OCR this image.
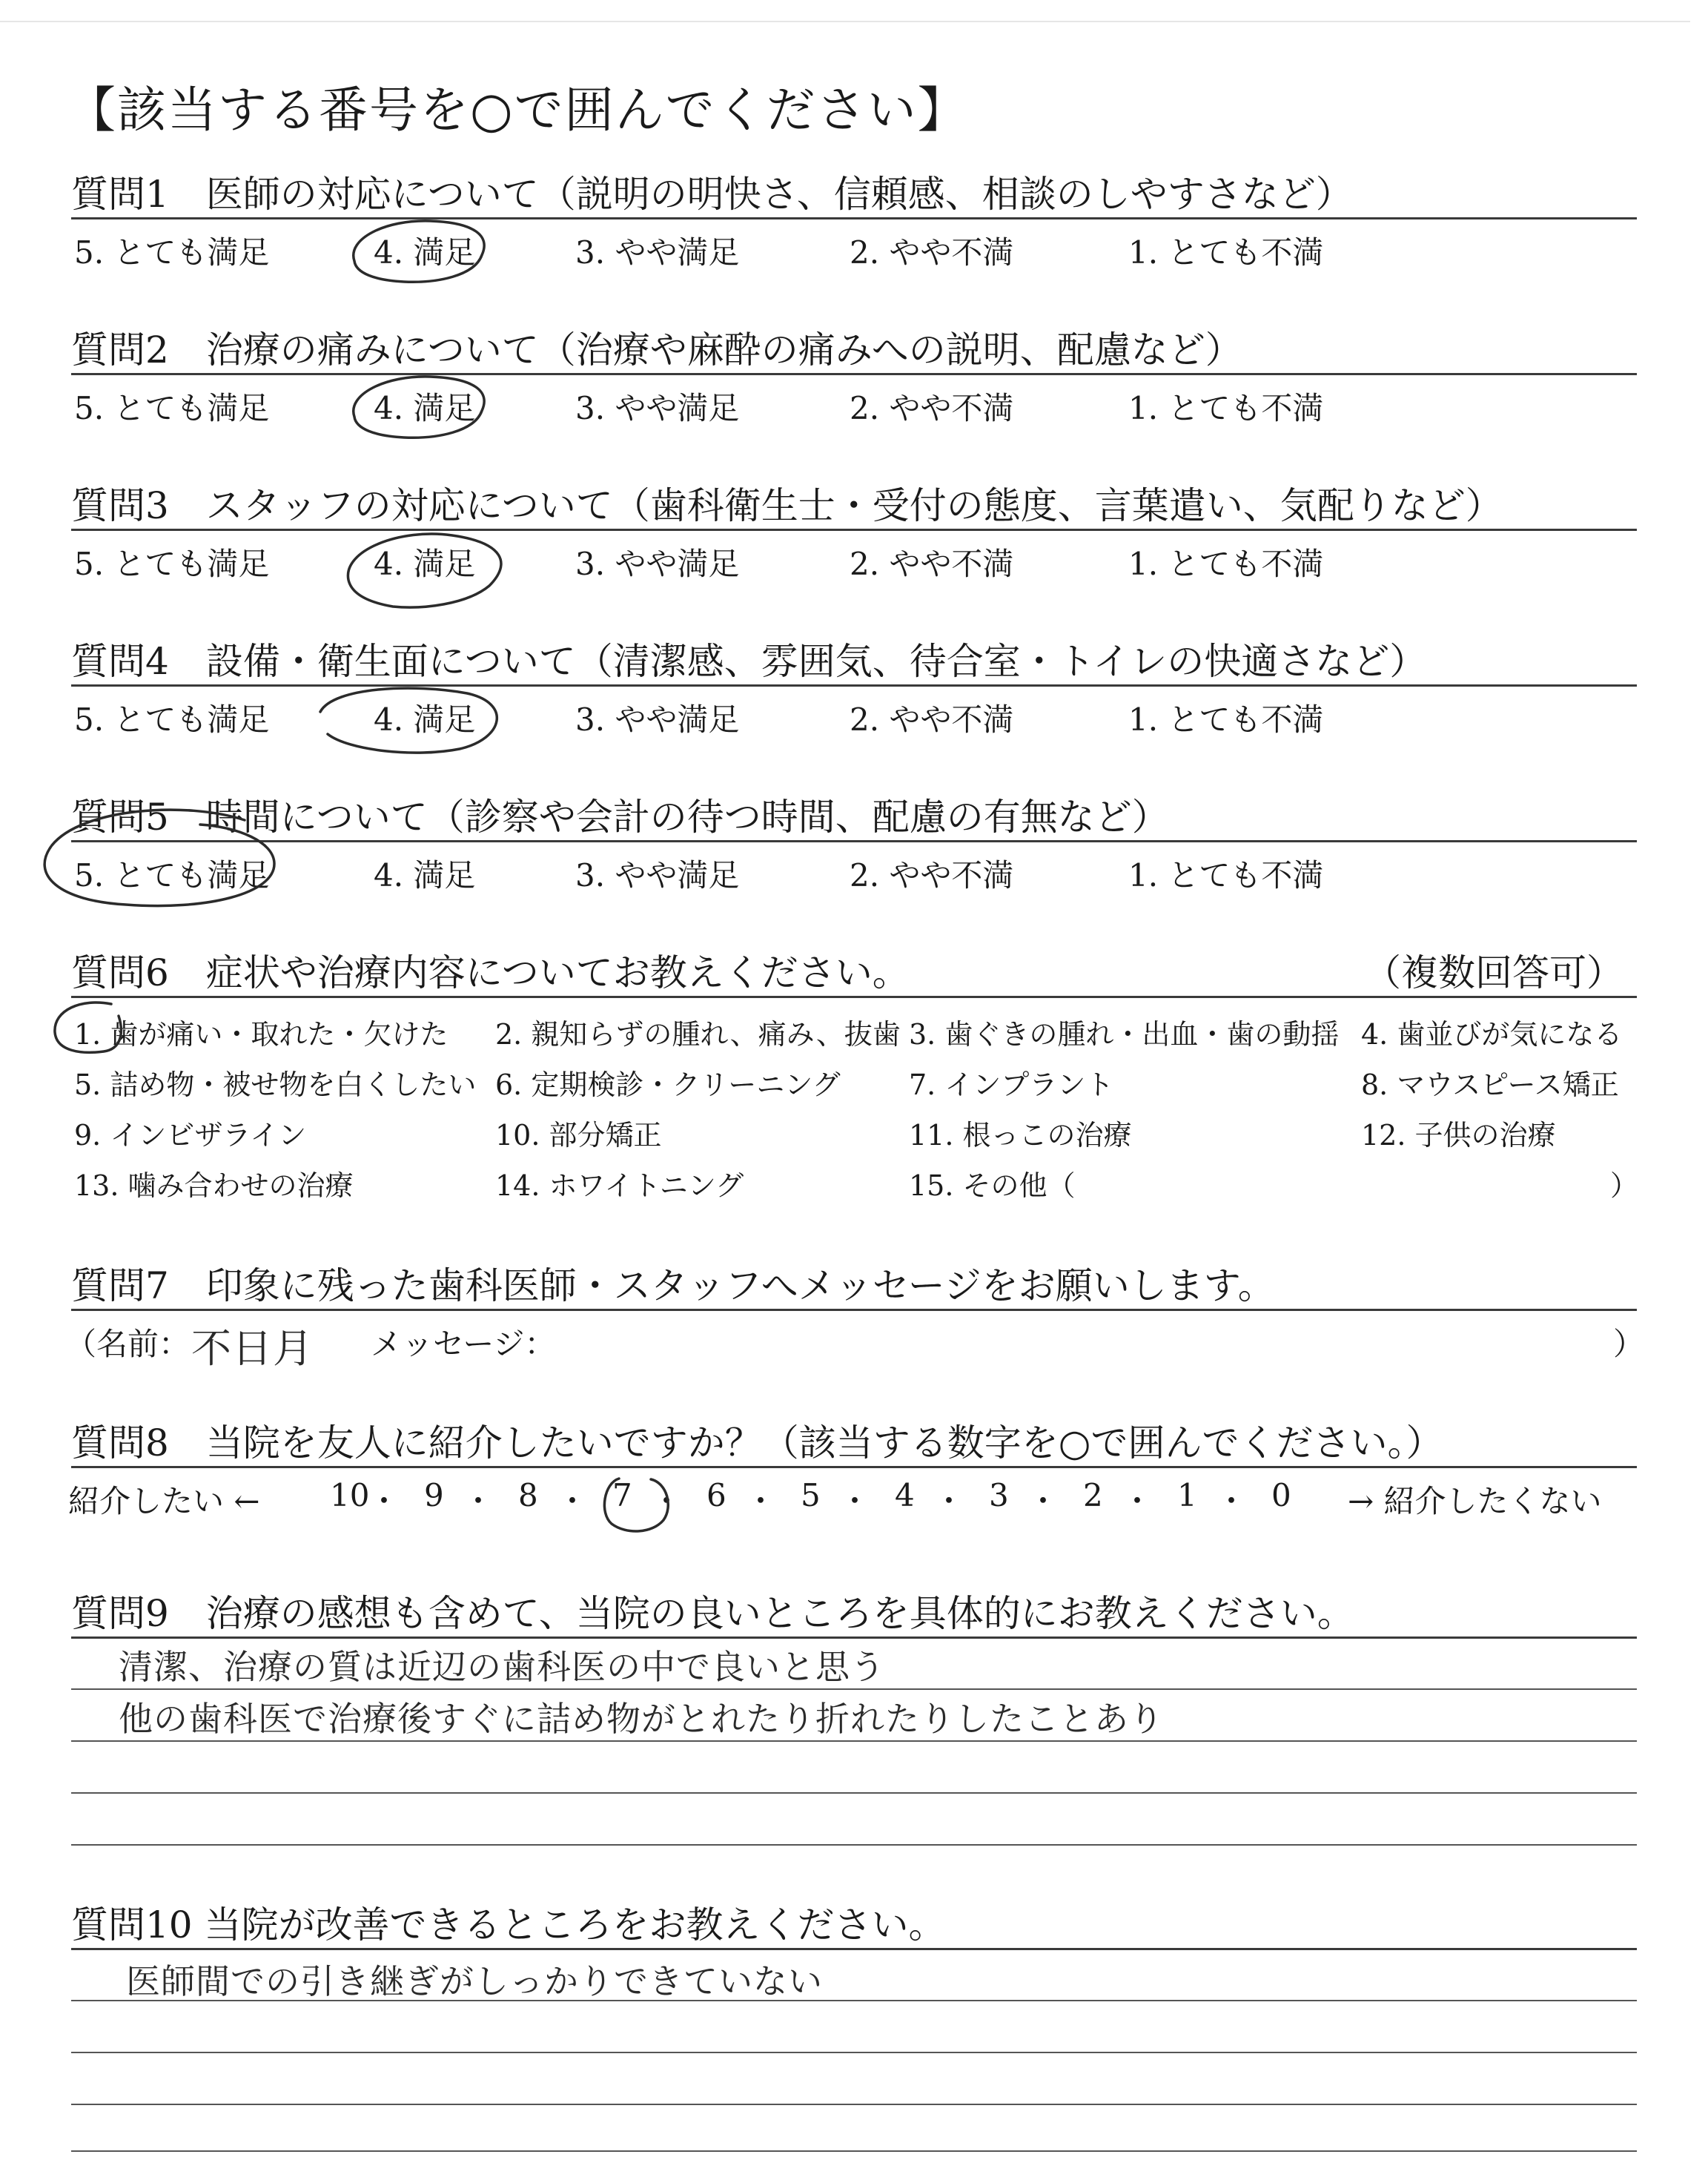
【該当する番号を○で囲んでください】
質問1　医師の対応について（説明の明快さ、信頼感、相談のしやすさなど）
5. とても満足	4. 満足	3. やや満足	2. やや不満	1. とても不満
質問2　治療の痛みについて（治療や麻酔の痛みへの説明、配慮など）
5. とても満足	4. 満足	3. やや満足	2. やや不満	1. とても不満
質問3　スタッフの対応について（歯科衛生士・受付の態度、言葉遣い、気配りなど）
5. とても満足	4. 満足	3. やや満足	2. やや不満	1. とても不満
質問4　設備・衛生面について（清潔感、雰囲気、待合室・トイレの快適さなど）
5. とても満足	4. 満足	3. やや満足	2. やや不満	1. とても不満
質問5　時間について（診察や会計の待つ時間、配慮の有無など）
5. とても満足	4. 満足	3. やや満足	2. やや不満	1. とても不満
質問6　症状や治療内容についてお教えください。	（複数回答可）
1. 歯が痛い・取れた・欠けた 2. 親知らずの腫れ、痛み、抜歯 3. 歯ぐきの腫れ・出血・歯の動揺 4. 歯並びが気になる
5. 詰め物・被せ物を白くしたい 6. 定期検診・クリーニング 7. インプラント	8. マウスピース矯正
9. インビザライン	10. 部分矯正	11. 根っこの治療	12. 子供の治療
13. 噛み合わせの治療	14. ホワイトニング	15. その他（	）
質問7　印象に残った歯科医師・スタッフへメッセージをお願いします。
（名前： 不日月 メッセージ：	）
質問8　当院を友人に紹介したいですか？（該当する数字を○で囲んでください。）
紹介したい ← 10
・ 9 ・ 8 ・ 7 ・ 6 ・ 5 ・ 4 ・ 3 ・ 2 ・ 1 ・ 0 → 紹介したくない
質問9　治療の感想も含めて、当院の良いところを具体的にお教えください。
清潔、治療の質は近辺の歯科医の中で良いと思う
他の歯科医で治療後すぐに詰め物がとれたり折れたりしたことあり
質問10 当院が改善できるところをお教えください。
医師間での引き継ぎがしっかりできていない
